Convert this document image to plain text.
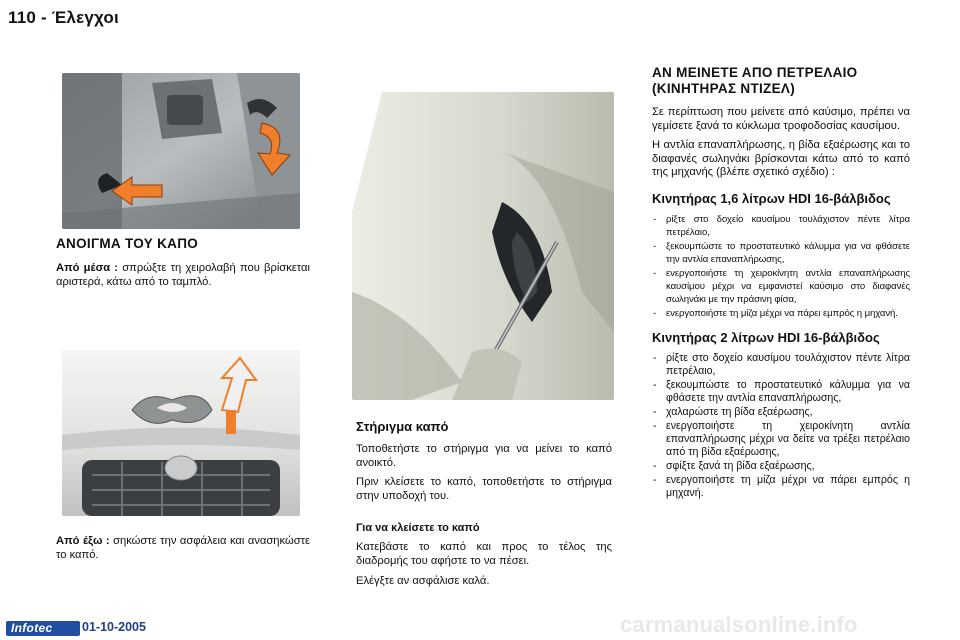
110 - Έλεγχοι
ΑΝΟΙΓΜΑ ΤΟΥ ΚΑΠΟ

Από μέσα : σπρώξτε τη χειρολαβή που βρίσκεται αριστερά, κάτω από το ταμπλό.

Από έξω : σηκώστε την ασφάλεια και ανασηκώστε το καπό.

Στήριγμα καπό

Τοποθετήστε το στήριγμα για να μείνει το καπό ανοικτό.

Πριν κλείσετε το καπό, τοποθετήστε το στήριγμα στην υποδοχή του.

Για να κλείσετε το καπό

Κατεβάστε το καπό και προς το τέλος της διαδρομής του αφήστε το να πέσει.

Ελέγξτε αν ασφάλισε καλά.

ΑΝ ΜΕΙΝΕΤΕ ΑΠΟ ΠΕΤΡΕΛΑΙΟ (ΚΙΝΗΤΗΡΑΣ ΝΤΙΖΕΛ)

Σε περίπτωση που μείνετε από καύσιμο, πρέπει να γεμίσετε ξανά το κύκλωμα τροφοδοσίας καυσίμου.

Η αντλία επαναπλήρωσης, η βίδα εξαέρωσης και το διαφανές σωληνάκι βρίσκονται κάτω από το καπό της μηχανής (βλέπε σχετικό σχέδιο) :

Κινητήρας 1,6 λίτρων HDI 16-βάλβιδος
- ρίξτε στο δοχείο καυσίμου τουλάχιστον πέντε λίτρα πετρέλαιο,
- ξεκουμπώστε το προστατευτικό κάλυμμα για να φθάσετε την αντλία επαναπλήρωσης,
- ενεργοποιήστε τη χειροκίνητη αντλία επαναπλήρωσης καυσίμου μέχρι να εμφανιστεί καύσιμο στο διαφανές σωληνάκι με την πράσινη φίσα,
- ενεργοποιήστε τη μίζα μέχρι να πάρει εμπρός η μηχανή.
Κινητήρας 2 λίτρων HDI 16-βάλβιδος
- ρίξτε στο δοχείο καυσίμου τουλάχιστον πέντε λίτρα πετρέλαιο,
- ξεκουμπώστε το προστατευτικό κάλυμμα για να φθάσετε την αντλία επαναπλήρωσης,
- χαλαρώστε τη βίδα εξαέρωσης,
- ενεργοποιήστε τη χειροκίνητη αντλία επαναπλήρωσης μέχρι να δείτε να τρέξει πετρέλαιο από τη βίδα εξαέρωσης,
- σφίξτε ξανά τη βίδα εξαέρωσης,
- ενεργοποιήστε τη μίζα μέχρι να πάρει εμπρός η μηχανή.
Infotec	01-10-2005	carmanualsonline.info
